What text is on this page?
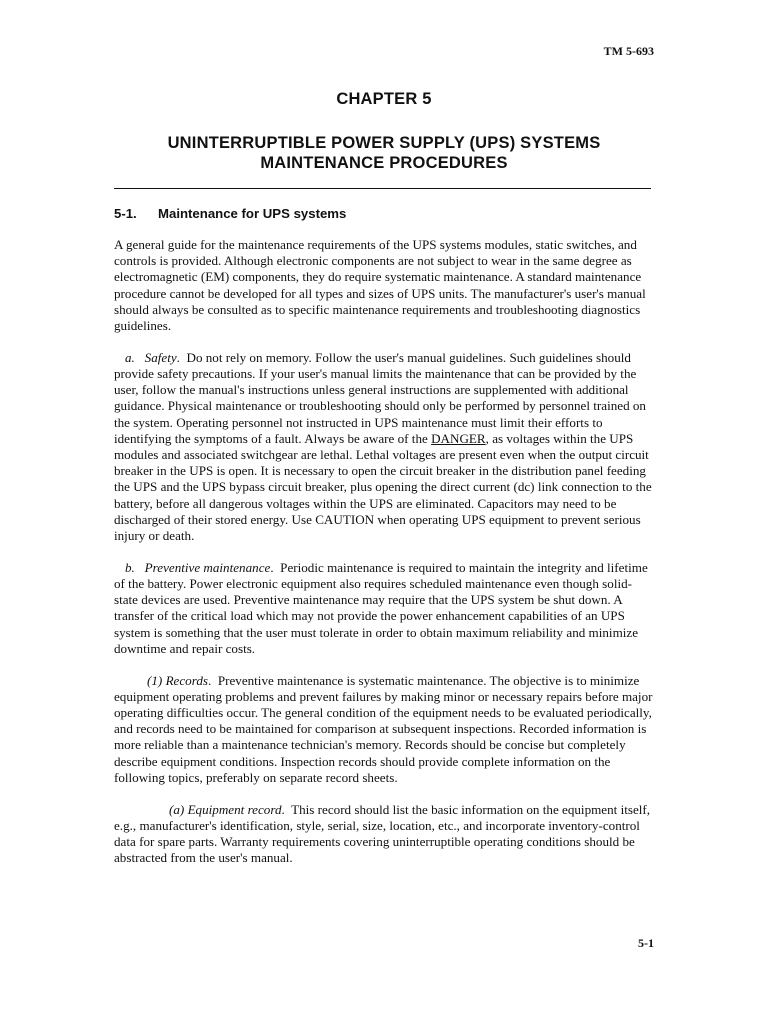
TM 5-693
CHAPTER 5
UNINTERRUPTIBLE POWER SUPPLY (UPS) SYSTEMS
MAINTENANCE PROCEDURES
5-1. Maintenance for UPS systems

A general guide for the maintenance requirements of the UPS systems modules, static switches, and controls is provided. Although electronic components are not subject to wear in the same degree as electromagnetic (EM) components, they do require systematic maintenance. A standard maintenance procedure cannot be developed for all types and sizes of UPS units. The manufacturer's user's manual should always be consulted as to specific maintenance requirements and troubleshooting diagnostics guidelines.

a. Safety.  Do not rely on memory. Follow the user's manual guidelines. Such guidelines should provide safety precautions. If your user's manual limits the maintenance that can be provided by the user, follow the manual's instructions unless general instructions are supplemented with additional guidance. Physical maintenance or troubleshooting should only be performed by personnel trained on the system. Operating personnel not instructed in UPS maintenance must limit their efforts to identifying the symptoms of a fault. Always be aware of the DANGER, as voltages within the UPS modules and associated switchgear are lethal. Lethal voltages are present even when the output circuit breaker in the UPS is open. It is necessary to open the circuit breaker in the distribution panel feeding the UPS and the UPS bypass circuit breaker, plus opening the direct current (dc) link connection to the battery, before all dangerous voltages within the UPS are eliminated. Capacitors may need to be discharged of their stored energy. Use CAUTION when operating UPS equipment to prevent serious injury or death.

b. Preventive maintenance.  Periodic maintenance is required to maintain the integrity and lifetime of the battery. Power electronic equipment also requires scheduled maintenance even though solid-state devices are used. Preventive maintenance may require that the UPS system be shut down. A transfer of the critical load which may not provide the power enhancement capabilities of an UPS system is something that the user must tolerate in order to obtain maximum reliability and minimize downtime and repair costs.

(1) Records.  Preventive maintenance is systematic maintenance. The objective is to minimize equipment operating problems and prevent failures by making minor or necessary repairs before major operating difficulties occur. The general condition of the equipment needs to be evaluated periodically, and records need to be maintained for comparison at subsequent inspections. Recorded information is more reliable than a maintenance technician's memory. Records should be concise but completely describe equipment conditions. Inspection records should provide complete information on the following topics, preferably on separate record sheets.

(a) Equipment record.  This record should list the basic information on the equipment itself, e.g., manufacturer's identification, style, serial, size, location, etc., and incorporate inventory-control data for spare parts. Warranty requirements covering uninterruptible operating conditions should be abstracted from the user's manual.

5-1
